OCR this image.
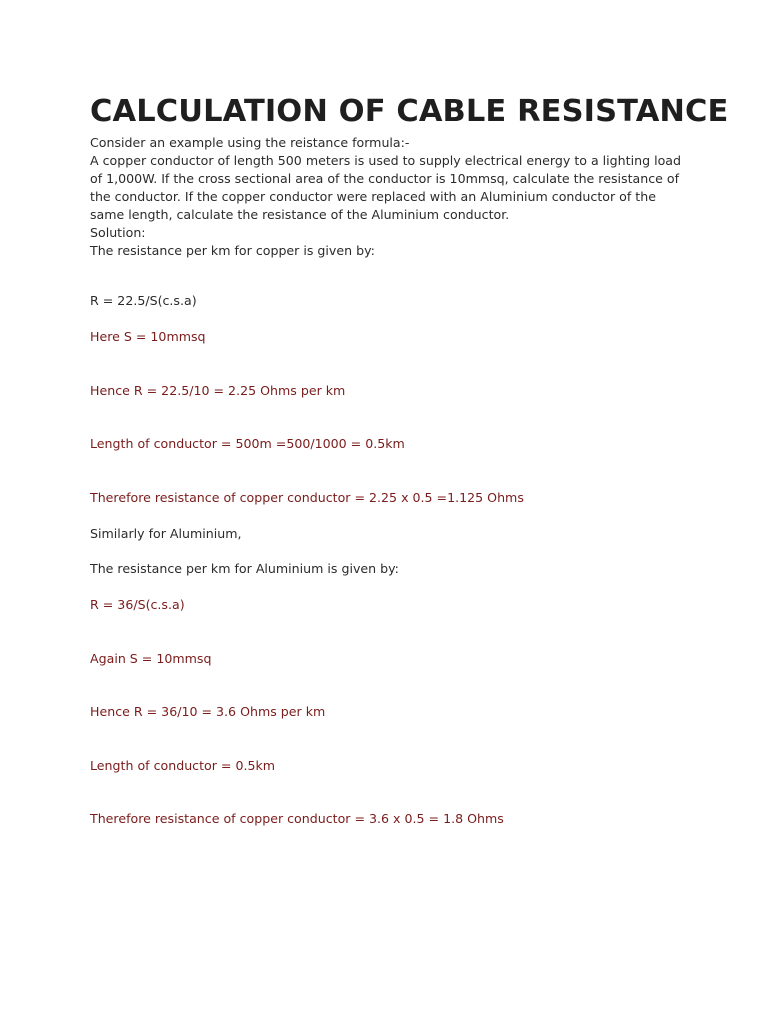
CALCULATION OF CABLE RESISTANCE

Consider an example using the reistance formula:-

A copper conductor of length 500 meters is used to supply electrical energy to a lighting load of 1,000W. If the cross sectional area of the conductor is 10mmsq, calculate the resistance of the conductor. If the copper conductor were replaced with an Aluminium conductor of the same length, calculate the resistance of the Aluminium conductor.

Solution:

The resistance per km for copper is given by:

R = 22.5/S(c.s.a)

Here S = 10mmsq

Hence R = 22.5/10 = 2.25 Ohms per km

Length of conductor = 500m =500/1000 = 0.5km

Therefore resistance of copper conductor = 2.25 x 0.5 =1.125 Ohms

Similarly for Aluminium,

The resistance per km for Aluminium is given by:

R = 36/S(c.s.a)

Again S = 10mmsq

Hence R = 36/10 = 3.6 Ohms per km

Length of conductor = 0.5km

Therefore resistance of copper conductor = 3.6 x 0.5 = 1.8 Ohms
